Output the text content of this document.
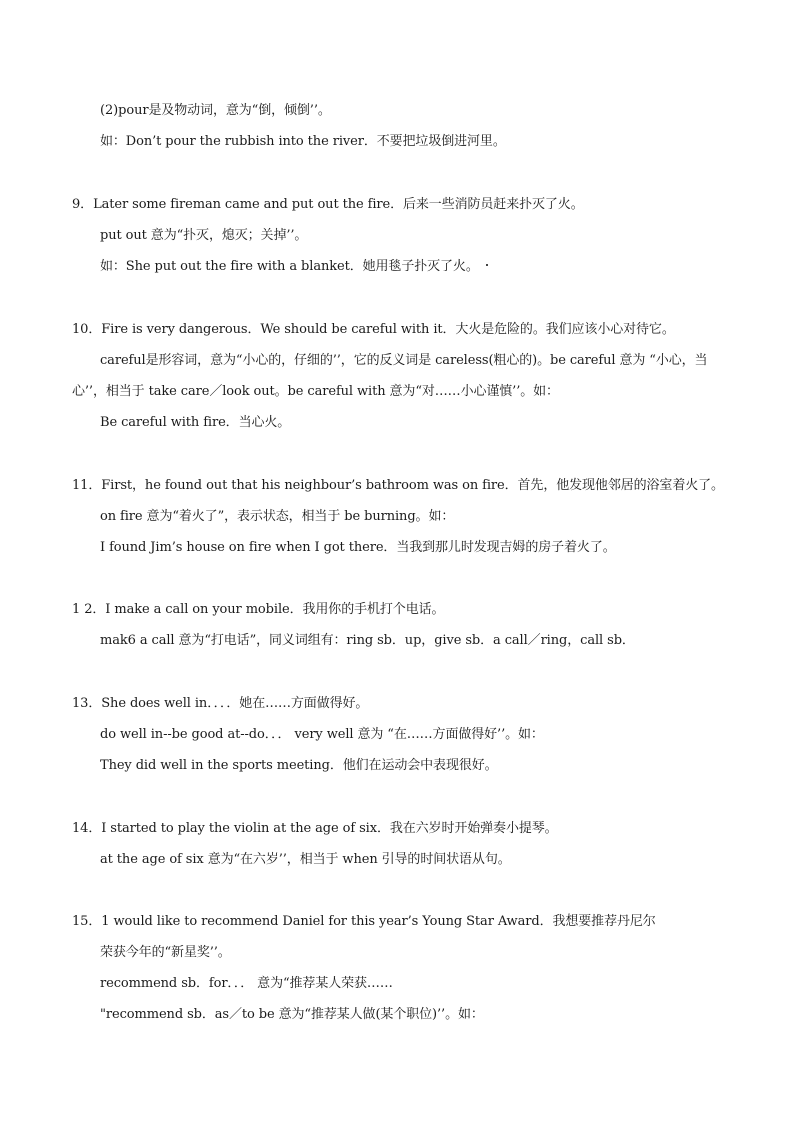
(2)pour是及物动词，意为“倒，倾倒’’。
如：Don’t pour the rubbish into the river．不要把垃圾倒进河里。
9．Later some fireman came and put out the fire．后来一些消防员赶来扑灭了火。
put out 意为“扑灭，熄灭；关掉’’。
如：She put out the fire with a blanket．她用毯子扑灭了火。
10．Fire is very dangerous．We should be careful with it．大火是危险的。我们应该小心对待它。
careful是形容词，意为“小心的，仔细的’’，它的反义词是 careless(粗心的)。be careful 意为 “小心，当
心’’，相当于 take care／look out。be careful with 意为“对……小心谨慎’’。如：
Be careful with fire．当心火。
11．First，he found out that his neighbour’s bathroom was on fire．首先，他发现他邻居的浴室着火了。
on fire 意为“着火了”，表示状态，相当于 be burning。如：
I found Jim’s house on fire when I got there．当我到那儿时发现吉姆的房子着火了。
1 2．I make a call on your mobile．我用你的手机打个电话。
mak6 a call 意为“打电话”，同义词组有：ring sb．up，give sb．a call／ring，call sb．
13．She does well in．．．．她在……方面做得好。
do well in--be good at--do．．． very well 意为 “在……方面做得好’’。如：
They did well in the sports meeting．他们在运动会中表现很好。
14．I started to play the violin at the age of six．我在六岁时开始弹奏小提琴。
at the age of six 意为“在六岁’’，相当于 when 引导的时间状语从句。
15．1 would like to recommend Daniel for this year’s Young Star Award．我想要推荐丹尼尔
荣获今年的“新星奖’’。
recommend sb．for．．． 意为“推荐某人荣获……
"recommend sb．as／to be 意为“推荐某人做(某个职位)’’。如：
